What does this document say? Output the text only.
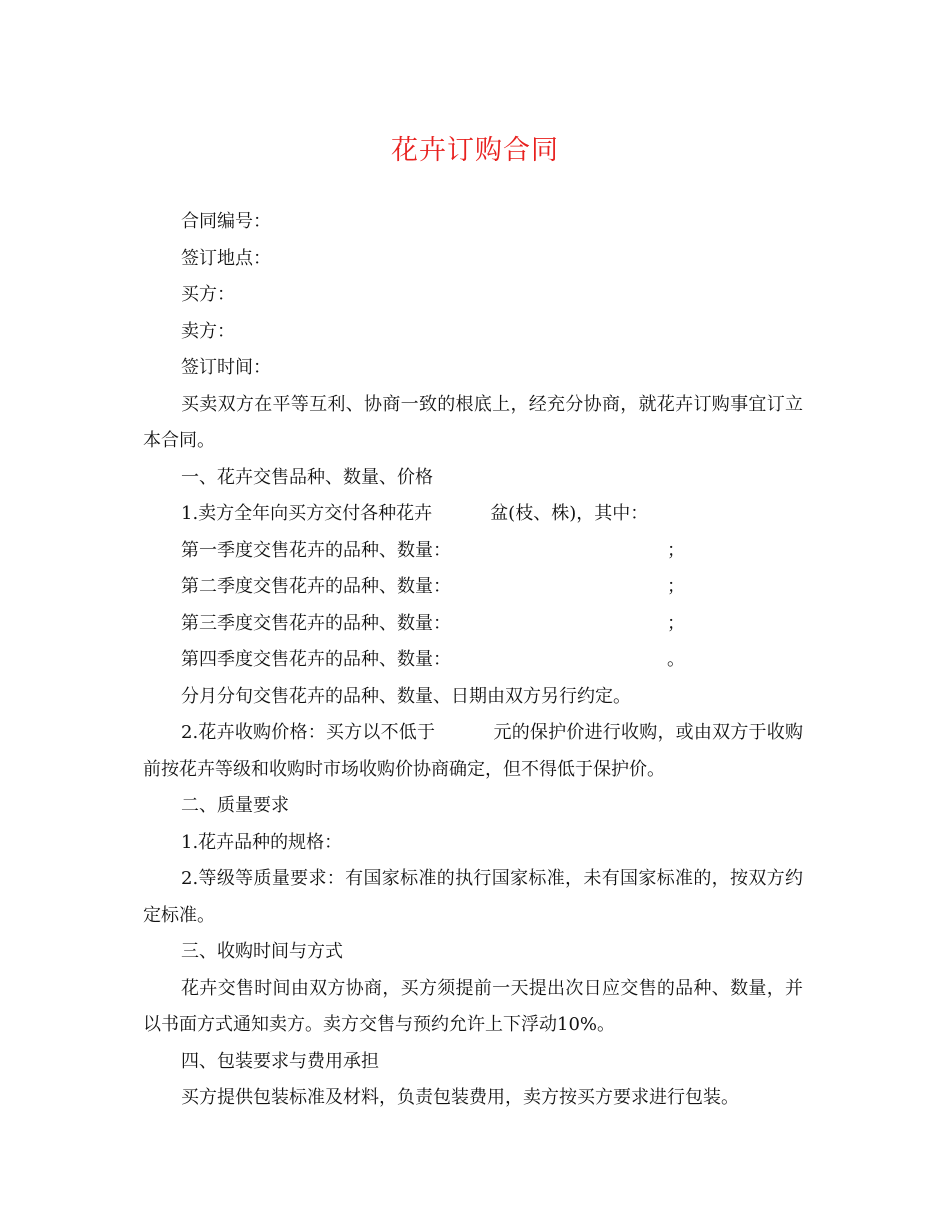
花卉订购合同

合同编号：

签订地点：

买方：

卖方：

签订时间：

买卖双方在平等互利、协商一致的根底上，经充分协商，就花卉订购事宜订立本合同。

一、花卉交售品种、数量、价格

1.卖方全年向买方交付各种花卉	盆(枝、株)，其中：

第一季度交售花卉的品种、数量：	；

第二季度交售花卉的品种、数量：	；

第三季度交售花卉的品种、数量：	；

第四季度交售花卉的品种、数量：	。

分月分旬交售花卉的品种、数量、日期由双方另行约定。

2.花卉收购价格：买方以不低于	元的保护价进行收购，或由双方于收购前按花卉等级和收购时市场收购价协商确定，但不得低于保护价。

二、质量要求

1.花卉品种的规格：

2.等级等质量要求：有国家标准的执行国家标准，未有国家标准的，按双方约定标准。

三、收购时间与方式

花卉交售时间由双方协商，买方须提前一天提出次日应交售的品种、数量，并以书面方式通知卖方。卖方交售与预约允许上下浮动10%。

四、包装要求与费用承担

买方提供包装标准及材料，负责包装费用，卖方按买方要求进行包装。
